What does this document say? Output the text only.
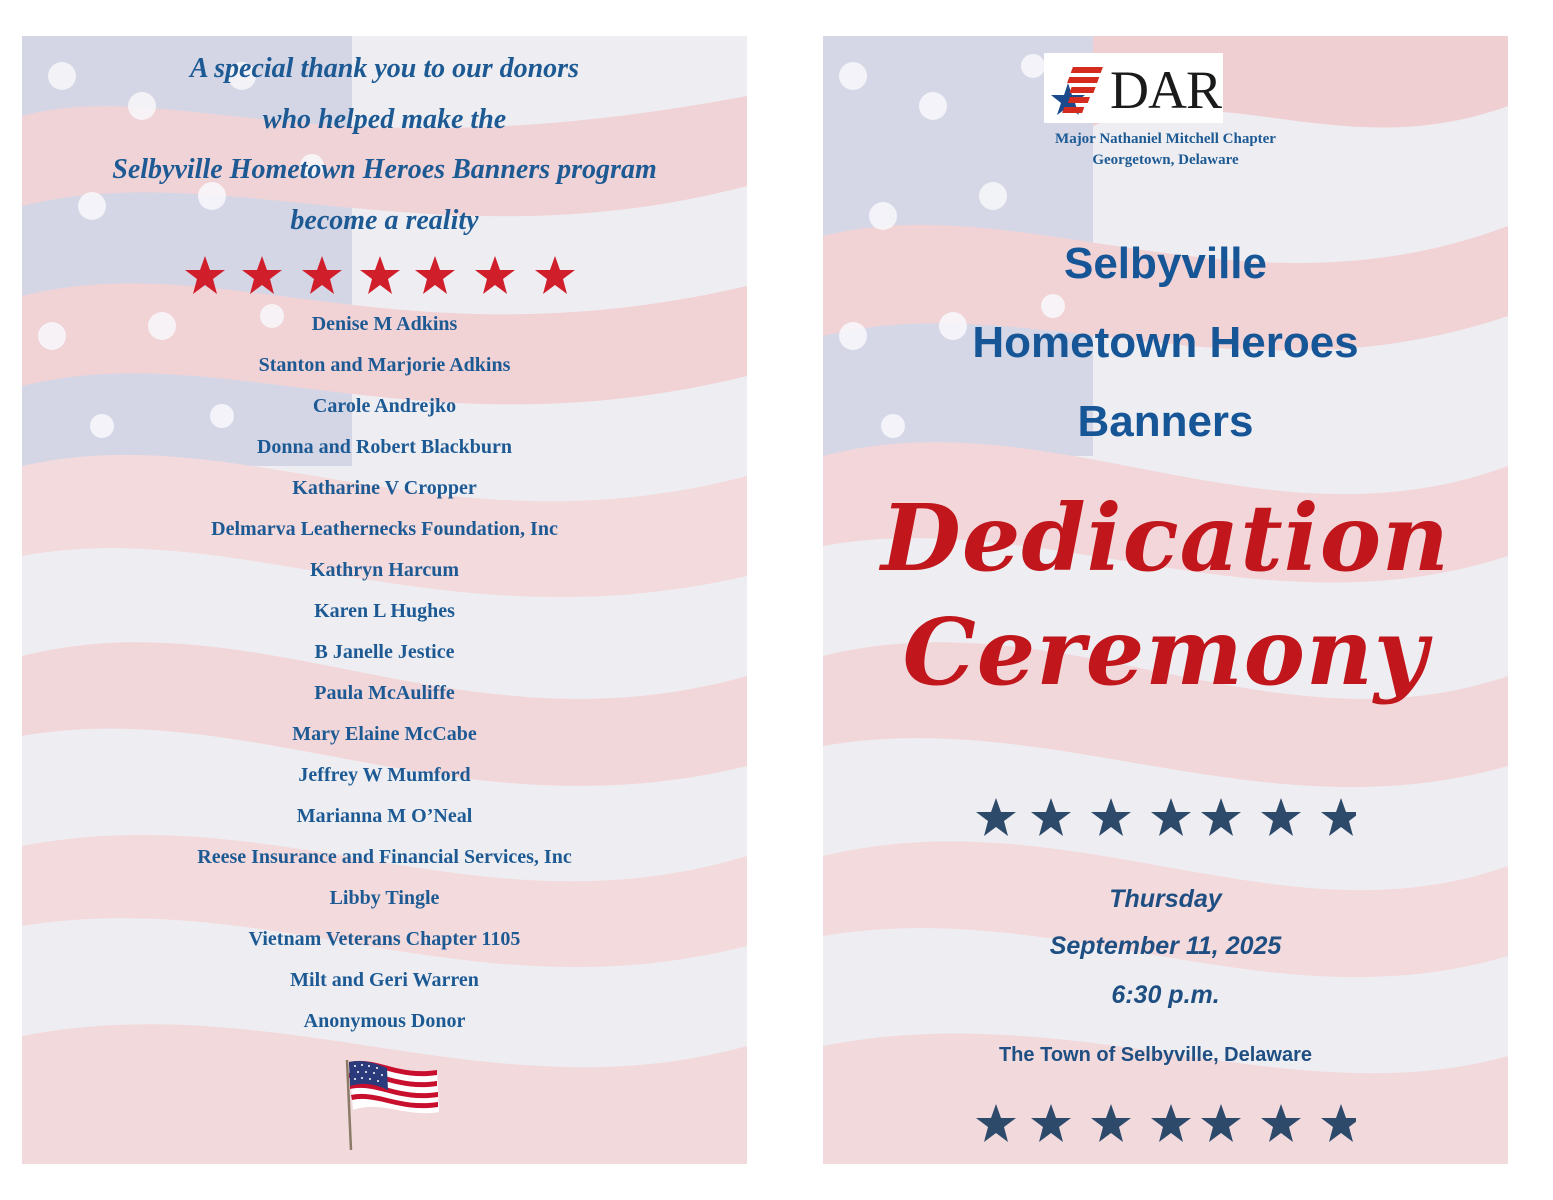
A special thank you to our donors
who helped make the
Selbyville Hometown Heroes Banners program
become a reality
Denise M Adkins
Stanton and Marjorie Adkins
Carole Andrejko
Donna and Robert Blackburn
Katharine V Cropper
Delmarva Leathernecks Foundation, Inc
Kathryn Harcum
Karen L Hughes
B Janelle Jestice
Paula McAuliffe
Mary Elaine McCabe
Jeffrey W Mumford
Marianna M O’Neal
Reese Insurance and Financial Services, Inc
Libby Tingle
Vietnam Veterans Chapter 1105
Milt and Geri Warren
Anonymous Donor
DAR
Major Nathaniel Mitchell Chapter
Georgetown, Delaware
Selbyville
Hometown Heroes
Banners
Dedication
Ceremony
Thursday
September 11, 2025
6:30 p.m.
The Town of Selbyville, Delaware
